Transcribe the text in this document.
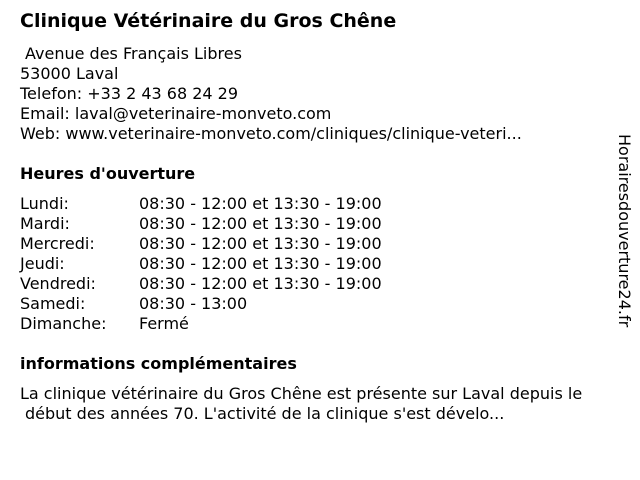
Clinique Vétérinaire du Gros Chêne
Avenue des Français Libres
53000 Laval
Telefon: +33 2 43 68 24 29
Email: laval@veterinaire-monveto.com
Web: www.veterinaire-monveto.com/cliniques/clinique-veteri...
Heures d'ouverture
Lundi:	08:30 - 12:00 et 13:30 - 19:00
Mardi:	08:30 - 12:00 et 13:30 - 19:00
Mercredi:	08:30 - 12:00 et 13:30 - 19:00
Jeudi:	08:30 - 12:00 et 13:30 - 19:00
Vendredi:	08:30 - 12:00 et 13:30 - 19:00
Samedi:	08:30 - 13:00
Dimanche: Fermé
informations complémentaires
La clinique vétérinaire du Gros Chêne est présente sur Laval depuis le
début des années 70. L'activité de la clinique s'est dévelo...
Horairesdouverture24.fr
